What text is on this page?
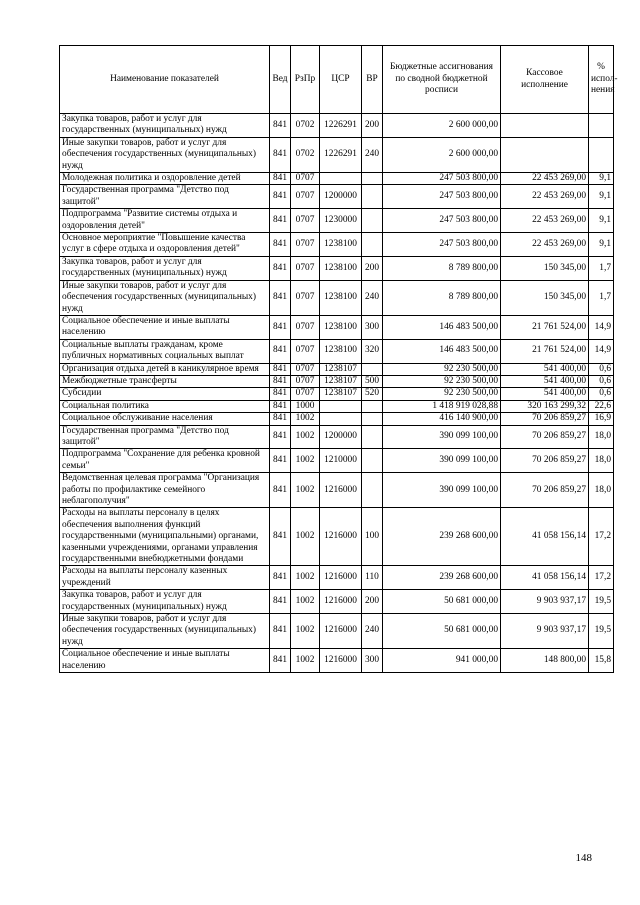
Наименование показателей	Вед	РзПр	ЦСР	ВР	Бюджетные ассигнования по сводной бюджетной росписи	Кассовое исполнение	% испол- нения
Закупка товаров, работ и услуг для государственных (муниципальных) нужд	841	0702	1226291	200	2 600 000,00		
Иные закупки товаров, работ и услуг для обеспечения государственных (муниципальных) нужд	841	0702	1226291	240	2 600 000,00		
Молодежная политика и оздоровление детей	841	0707			247 503 800,00	22 453 269,00	9,1
Государственная программа "Детство под защитой"	841	0707	1200000		247 503 800,00	22 453 269,00	9,1
Подпрограмма "Развитие системы отдыха и оздоровления детей"	841	0707	1230000		247 503 800,00	22 453 269,00	9,1
Основное мероприятие "Повышение качества услуг в сфере отдыха и оздоровления детей"	841	0707	1238100		247 503 800,00	22 453 269,00	9,1
Закупка товаров, работ и услуг для государственных (муниципальных) нужд	841	0707	1238100	200	8 789 800,00	150 345,00	1,7
Иные закупки товаров, работ и услуг для обеспечения государственных (муниципальных) нужд	841	0707	1238100	240	8 789 800,00	150 345,00	1,7
Социальное обеспечение и иные выплаты населению	841	0707	1238100	300	146 483 500,00	21 761 524,00	14,9
Социальные выплаты гражданам, кроме публичных нормативных социальных выплат	841	0707	1238100	320	146 483 500,00	21 761 524,00	14,9
Организация отдыха детей в каникулярное время	841	0707	1238107		92 230 500,00	541 400,00	0,6
Межбюджетные трансферты	841	0707	1238107	500	92 230 500,00	541 400,00	0,6
Субсидии	841	0707	1238107	520	92 230 500,00	541 400,00	0,6
Социальная политика	841	1000			1 418 919 028,88	320 163 299,32	22,6
Социальное обслуживание населения	841	1002			416 140 900,00	70 206 859,27	16,9
Государственная программа "Детство под защитой"	841	1002	1200000		390 099 100,00	70 206 859,27	18,0
Подпрограмма "Сохранение для ребенка кровной семьи"	841	1002	1210000		390 099 100,00	70 206 859,27	18,0
Ведомственная целевая программа "Организация работы по профилактике семейного неблагополучия"	841	1002	1216000		390 099 100,00	70 206 859,27	18,0
Расходы на выплаты персоналу в целях обеспечения выполнения функций государственными (муниципальными) органами, казенными учреждениями, органами управления государственными внебюджетными фондами	841	1002	1216000	100	239 268 600,00	41 058 156,14	17,2
Расходы на выплаты персоналу казенных учреждений	841	1002	1216000	110	239 268 600,00	41 058 156,14	17,2
Закупка товаров, работ и услуг для государственных (муниципальных) нужд	841	1002	1216000	200	50 681 000,00	9 903 937,17	19,5
Иные закупки товаров, работ и услуг для обеспечения государственных (муниципальных) нужд	841	1002	1216000	240	50 681 000,00	9 903 937,17	19,5
Социальное обеспечение и иные выплаты населению	841	1002	1216000	300	941 000,00	148 800,00	15,8
148
